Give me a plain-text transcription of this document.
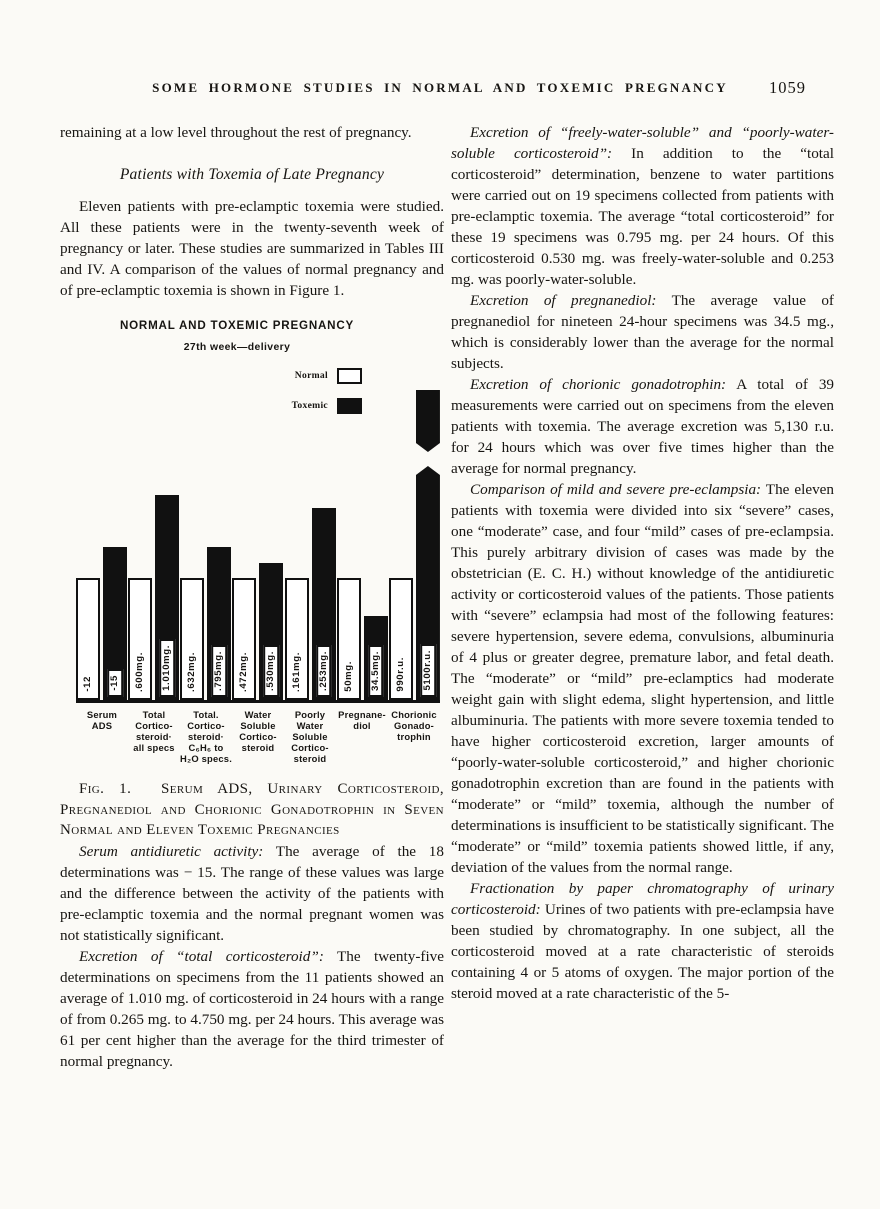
SOME HORMONE STUDIES IN NORMAL AND TOXEMIC PREGNANCY	1059

remaining at a low level throughout the rest of pregnancy.

Patients with Toxemia of Late Pregnancy

Eleven patients with pre-eclamptic toxemia were studied. All these patients were in the twenty-seventh week of pregnancy or later. These studies are summarized in Tables III and IV. A comparison of the values of normal pregnancy and of pre-eclamptic toxemia is shown in Figure 1.

NORMAL AND TOXEMIC PREGNANCY
27th week—delivery
Normal
Toxemic
-12 -15 .600mg. 1.010mg. .632mg. .795mg. .472mg. .530mg. .161mg. .253mg. 50mg. 34.5mg. 990r.u. 5100r.u.
Serum
ADS
Total
Cortico-
steroid·
all specs
Total.
Cortico-
steroid·
C₆H₆ to
H₂O specs.
Water
Soluble
Cortico-
steroid
Poorly
Water
Soluble
Cortico-
steroid
Pregnane-
diol
Chorionic
Gonado-
trophin

Fig. 1. Serum ADS, Urinary Corticosteroid, Pregnanediol and Chorionic Gonadotrophin in Seven Normal and Eleven Toxemic Pregnancies

Serum antidiuretic activity: The average of the 18 determinations was − 15. The range of these values was large and the difference between the activity of the patients with pre-eclamptic toxemia and the normal pregnant women was not statistically significant.

Excretion of “total corticosteroid”: The twenty-five determinations on specimens from the 11 patients showed an average of 1.010 mg. of corticosteroid in 24 hours with a range of from 0.265 mg. to 4.750 mg. per 24 hours. This average was 61 per cent higher than the average for the third trimester of normal pregnancy.

Excretion of “freely-water-soluble” and “poorly-water-soluble corticosteroid”: In addition to the “total corticosteroid” determination, benzene to water partitions were carried out on 19 specimens collected from patients with pre-eclamptic toxemia. The average “total corticosteroid” for these 19 specimens was 0.795 mg. per 24 hours. Of this corticosteroid 0.530 mg. was freely-water-soluble and 0.253 mg. was poorly-water-soluble.

Excretion of pregnanediol: The average value of pregnanediol for nineteen 24-hour specimens was 34.5 mg., which is considerably lower than the average for the normal subjects.

Excretion of chorionic gonadotrophin: A total of 39 measurements were carried out on specimens from the eleven patients with toxemia. The average excretion was 5,130 r.u. for 24 hours which was over five times higher than the average for normal pregnancy.

Comparison of mild and severe pre-eclampsia: The eleven patients with toxemia were divided into six “severe” cases, one “moderate” case, and four “mild” cases of pre-eclampsia. This purely arbitrary division of cases was made by the obstetrician (E. C. H.) without knowledge of the antidiuretic activity or corticosteroid values of the patients. Those patients with “severe” eclampsia had most of the following features: severe hypertension, severe edema, convulsions, albuminuria of 4 plus or greater degree, premature labor, and fetal death. The “moderate” or “mild” pre-eclamptics had moderate weight gain with slight edema, slight hypertension, and little albuminuria. The patients with more severe toxemia tended to have higher corticosteroid excretion, larger amounts of “poorly-water-soluble corticosteroid,” and higher chorionic gonadotrophin excretion than are found in the patients with “moderate” or “mild” toxemia, although the number of determinations is insufficient to be statistically significant. The “moderate” or “mild” toxemia patients showed little, if any, deviation of the values from the normal range.

Fractionation by paper chromatography of urinary corticosteroid: Urines of two patients with pre-eclampsia have been studied by chromatography. In one subject, all the corticosteroid moved at a rate characteristic of steroids containing 4 or 5 atoms of oxygen. The major portion of the steroid moved at a rate characteristic of the 5-
